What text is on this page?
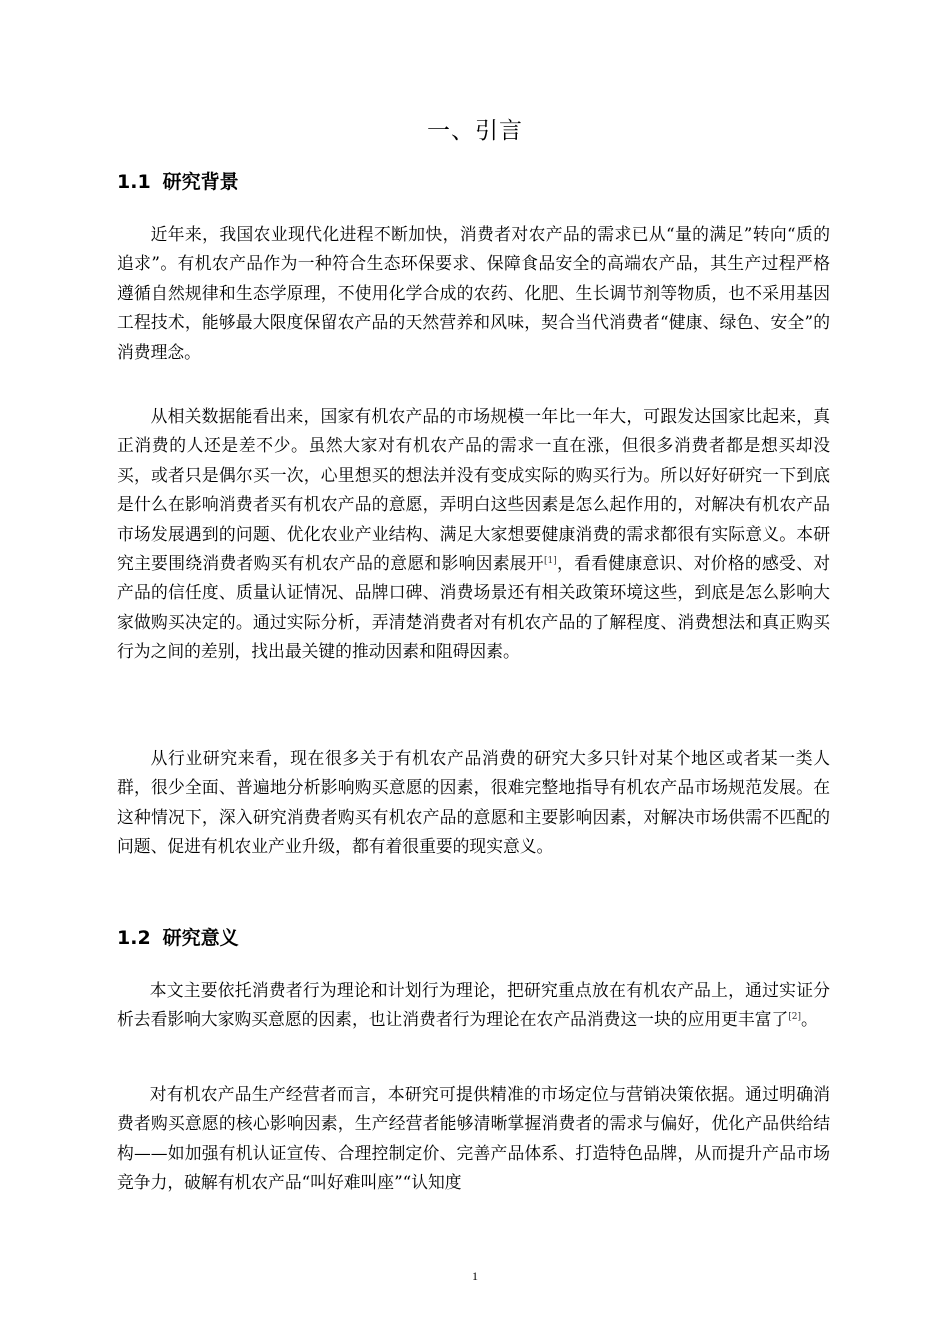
一、引言
1.1 研究背景

近年来，我国农业现代化进程不断加快，消费者对农产品的需求已从“量的满足”转向“质的追求”。有机农产品作为一种符合生态环保要求、保障食品安全的高端农产品，其生产过程严格遵循自然规律和生态学原理，不使用化学合成的农药、化肥、生长调节剂等物质，也不采用基因工程技术，能够最大限度保留农产品的天然营养和风味，契合当代消费者“健康、绿色、安全”的消费理念。

从相关数据能看出来，国家有机农产品的市场规模一年比一年大，可跟发达国家比起来，真正消费的人还是差不少。虽然大家对有机农产品的需求一直在涨，但很多消费者都是想买却没买，或者只是偶尔买一次，心里想买的想法并没有变成实际的购买行为。所以好好研究一下到底是什么在影响消费者买有机农产品的意愿，弄明白这些因素是怎么起作用的，对解决有机农产品市场发展遇到的问题、优化农业产业结构、满足大家想要健康消费的需求都很有实际意义。本研究主要围绕消费者购买有机农产品的意愿和影响因素展开[1]，看看健康意识、对价格的感受、对产品的信任度、质量认证情况、品牌口碑、消费场景还有相关政策环境这些，到底是怎么影响大家做购买决定的。通过实际分析，弄清楚消费者对有机农产品的了解程度、消费想法和真正购买行为之间的差别，找出最关键的推动因素和阻碍因素。

从行业研究来看，现在很多关于有机农产品消费的研究大多只针对某个地区或者某一类人群，很少全面、普遍地分析影响购买意愿的因素，很难完整地指导有机农产品市场规范发展。在这种情况下，深入研究消费者购买有机农产品的意愿和主要影响因素，对解决市场供需不匹配的问题、促进有机农业产业升级，都有着很重要的现实意义。

1.2 研究意义

本文主要依托消费者行为理论和计划行为理论，把研究重点放在有机农产品上，通过实证分析去看影响大家购买意愿的因素，也让消费者行为理论在农产品消费这一块的应用更丰富了[2]。

对有机农产品生产经营者而言，本研究可提供精准的市场定位与营销决策依据。通过明确消费者购买意愿的核心影响因素，生产经营者能够清晰掌握消费者的需求与偏好，优化产品供给结构——如加强有机认证宣传、合理控制定价、完善产品体系、打造特色品牌，从而提升产品市场竞争力，破解有机农产品“叫好难叫座”“认知度

1
